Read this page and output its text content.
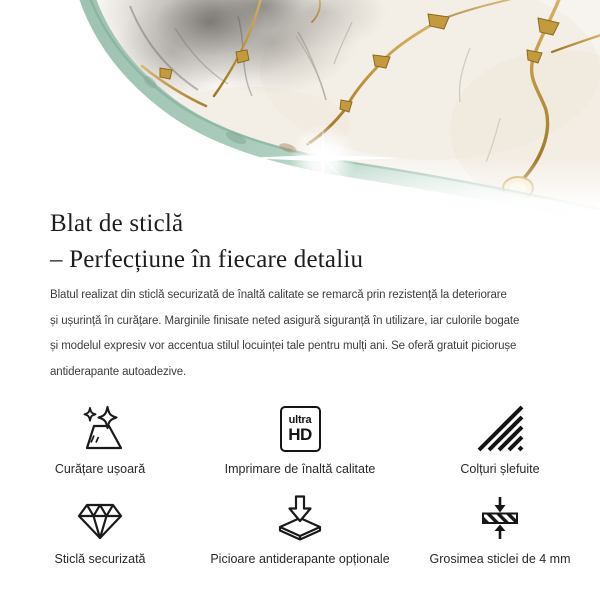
Blat de sticlă
– Perfecțiune în fiecare detaliu
Blatul realizat din sticlă securizată de înaltă calitate se remarcă prin rezistență la deteriorare
și ușurință în curățare. Marginile finisate neted asigură siguranță în utilizare, iar culorile bogate
și modelul expresiv vor accentua stilul locuinței tale pentru mulți ani. Se oferă gratuit piciorușe
antiderapante autoadezive.
Curățare ușoară
ultra
HD
Imprimare de înaltă calitate	Colțuri șlefuite
Sticlă securizată	Picioare antiderapante opționale	Grosimea sticlei de 4 mm
